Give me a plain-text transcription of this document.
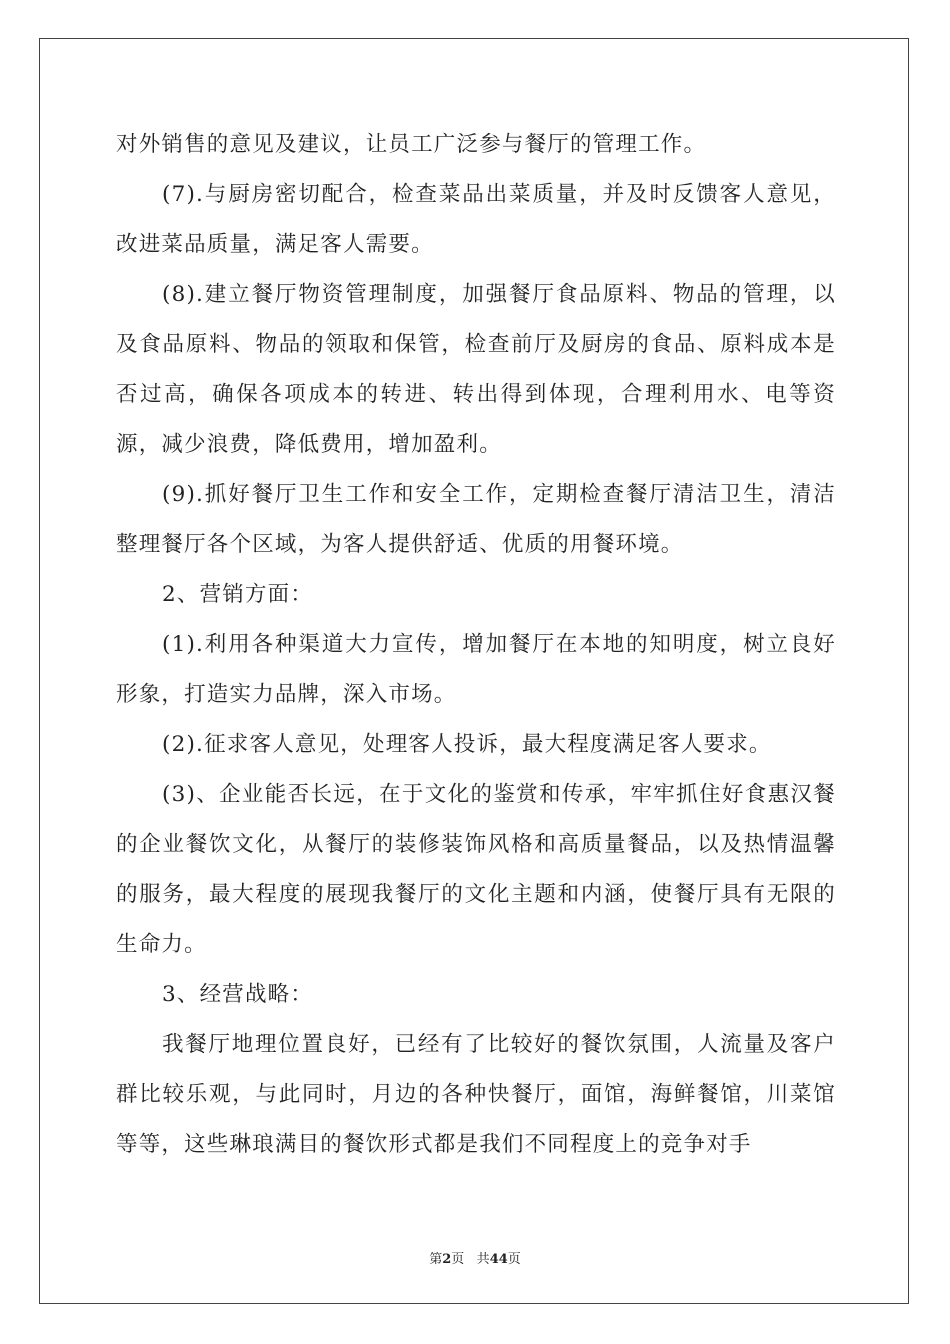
对外销售的意见及建议，让员工广泛参与餐厅的管理工作。

(7).与厨房密切配合，检查菜品出菜质量，并及时反馈客人意见，改进菜品质量，满足客人需要。

(8).建立餐厅物资管理制度，加强餐厅食品原料、物品的管理，以及食品原料、物品的领取和保管，检查前厅及厨房的食品、原料成本是否过高，确保各项成本的转进、转出得到体现，合理利用水、电等资源，减少浪费，降低费用，增加盈利。

(9).抓好餐厅卫生工作和安全工作，定期检查餐厅清洁卫生，清洁整理餐厅各个区域，为客人提供舒适、优质的用餐环境。

2、营销方面：

(1).利用各种渠道大力宣传，增加餐厅在本地的知明度，树立良好形象，打造实力品牌，深入市场。

(2).征求客人意见，处理客人投诉，最大程度满足客人要求。

(3)、企业能否长远，在于文化的鉴赏和传承，牢牢抓住好食惠汉餐的企业餐饮文化，从餐厅的装修装饰风格和高质量餐品，以及热情温馨的服务，最大程度的展现我餐厅的文化主题和内涵，使餐厅具有无限的生命力。

3、经营战略：

我餐厅地理位置良好，已经有了比较好的餐饮氛围，人流量及客户群比较乐观，与此同时，月边的各种快餐厅，面馆，海鲜餐馆，川菜馆等等，这些琳琅满目的餐饮形式都是我们不同程度上的竞争对手

第2页 共44页
